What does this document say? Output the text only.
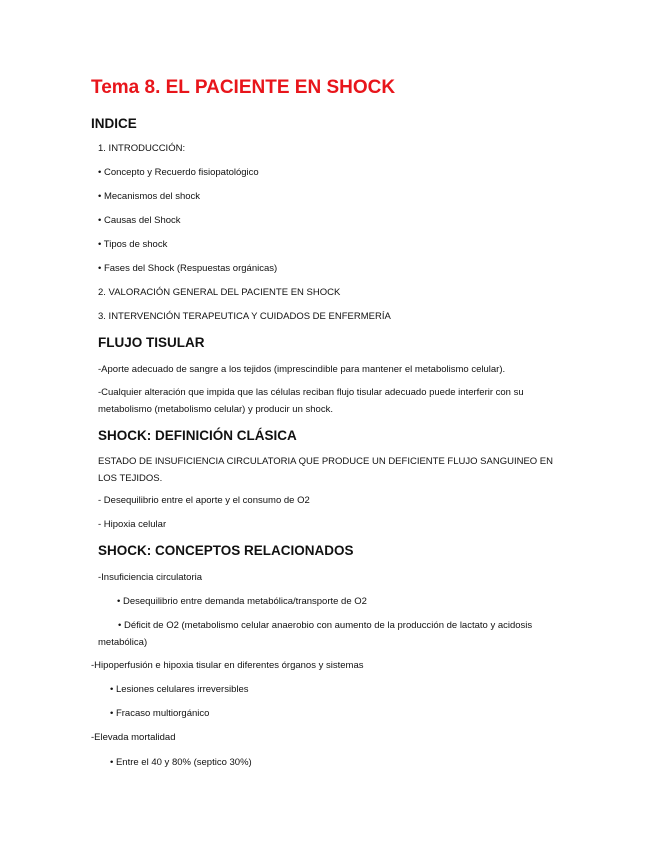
Tema 8. EL PACIENTE EN SHOCK
INDICE
1. INTRODUCCIÓN:
• Concepto y Recuerdo fisiopatológico
• Mecanismos del shock
• Causas del Shock
• Tipos de shock
• Fases del Shock (Respuestas orgánicas)
2. VALORACIÓN GENERAL DEL PACIENTE EN SHOCK
3. INTERVENCIÓN TERAPEUTICA Y CUIDADOS DE ENFERMERÍA
FLUJO TISULAR
-Aporte adecuado de sangre a los tejidos (imprescindible para mantener el metabolismo celular).
-Cualquier alteración que impida que las células reciban flujo tisular adecuado puede interferir con su metabolismo (metabolismo celular) y producir un shock.
SHOCK: DEFINICIÓN CLÁSICA
ESTADO DE INSUFICIENCIA CIRCULATORIA QUE PRODUCE UN DEFICIENTE FLUJO SANGUINEO EN LOS TEJIDOS.
- Desequilibrio entre el aporte y el consumo de O2
- Hipoxia celular
SHOCK: CONCEPTOS RELACIONADOS
-Insuficiencia circulatoria
• Desequilibrio entre demanda metabólica/transporte de O2
• Déficit de O2 (metabolismo celular anaerobio con aumento de la producción de lactato y acidosis metabólica)
-Hipoperfusión e hipoxia tisular en diferentes órganos y sistemas
• Lesiones celulares irreversibles
• Fracaso multiorgánico
-Elevada mortalidad
• Entre el 40 y 80% (septico 30%)
